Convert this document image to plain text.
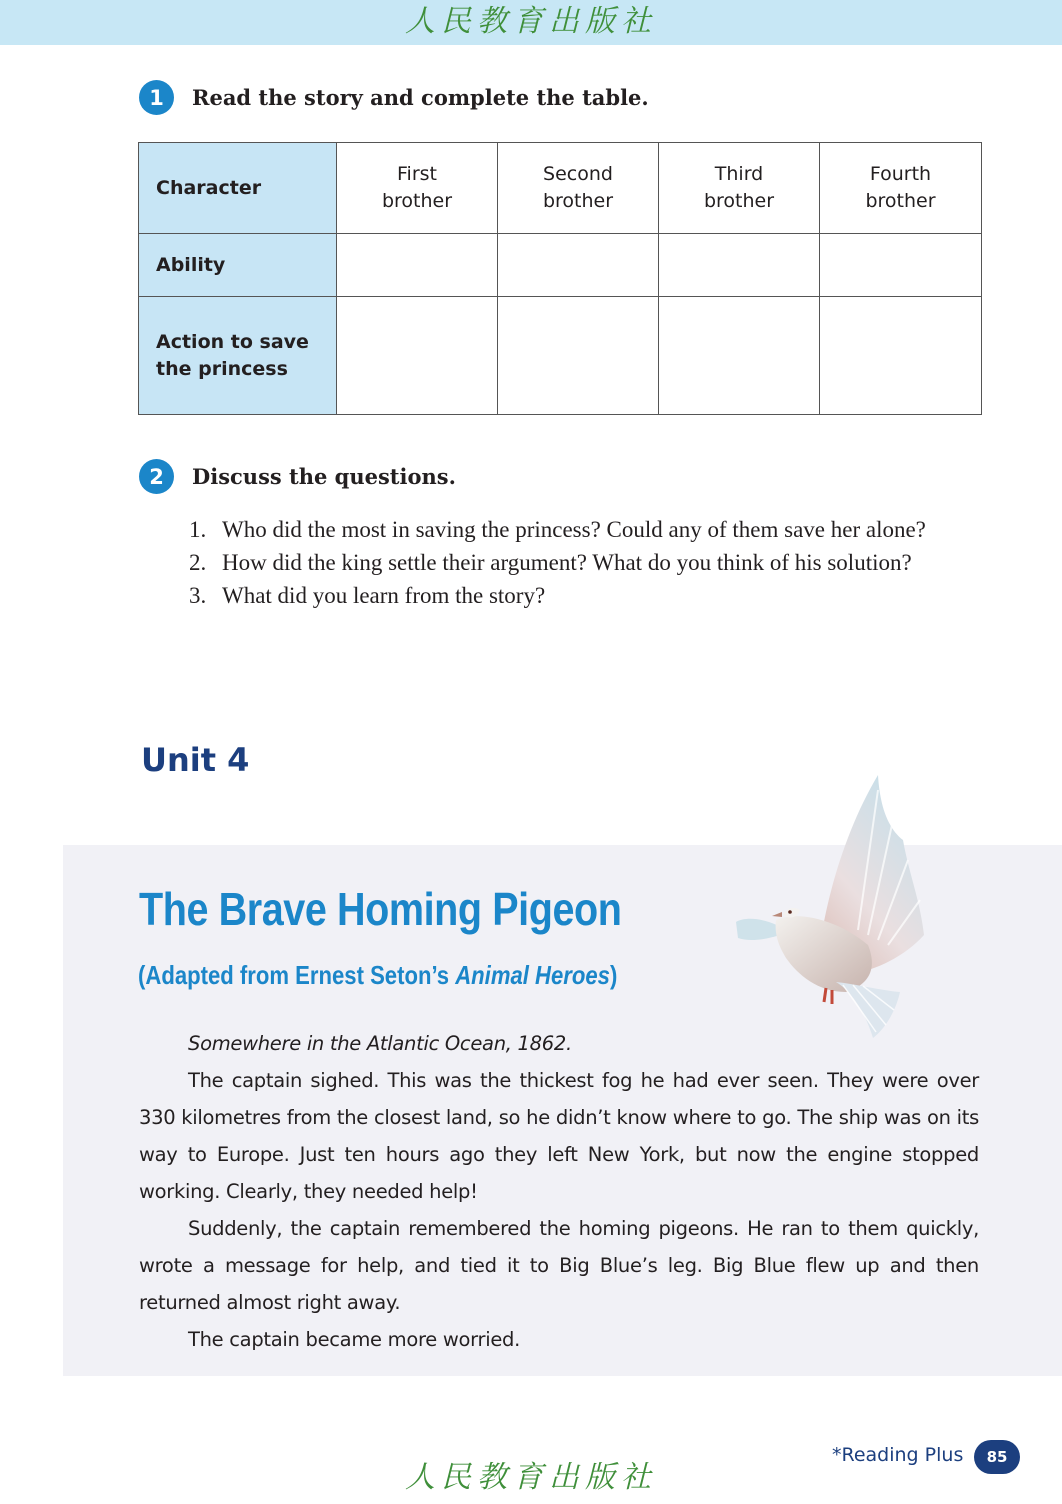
人民教育出版社
1	Read the story and complete the table.
Character	First brother	Second brother	Third brother	Fourth brother
Ability				
Action to save the princess				
2	Discuss the questions.
1. Who did the most in saving the princess? Could any of them save her alone?
2. How did the king settle their argument? What do you think of his solution?
3. What did you learn from the story?
Unit 4
The Brave Homing Pigeon
(Adapted from Ernest Seton’s Animal Heroes)

Somewhere in the Atlantic Ocean, 1862.

The captain sighed. This was the thickest fog he had ever seen. They were over 330 kilometres from the closest land, so he didn’t know where to go. The ship was on its way to Europe. Just ten hours ago they left New York, but now the engine stopped working. Clearly, they needed help!

Suddenly, the captain remembered the homing pigeons. He ran to them quickly, wrote a message for help, and tied it to Big Blue’s leg. Big Blue flew up and then returned almost right away.

The captain became more worried.

人民教育出版社
*Reading Plus	85
